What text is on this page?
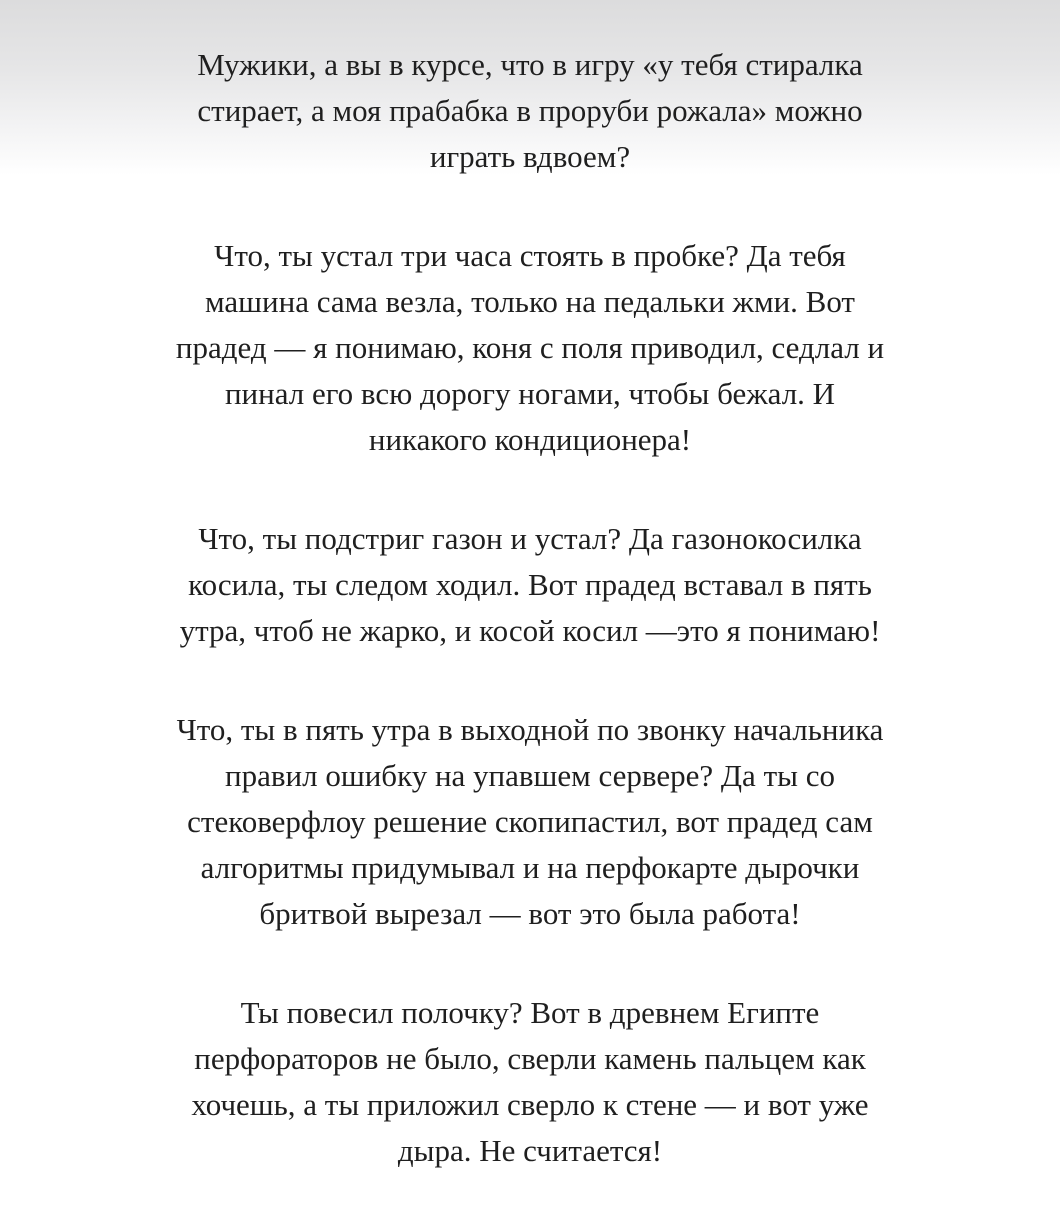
Мужики, а вы в курсе, что в игру «у тебя стиралка
стирает, а моя прабабка в проруби рожала» можно
играть вдвоем?

Что, ты устал три часа стоять в пробке? Да тебя
машина сама везла, только на педальки жми. Вот
прадед — я понимаю, коня с поля приводил, седлал и
пинал его всю дорогу ногами, чтобы бежал. И
никакого кондиционера!

Что, ты подстриг газон и устал? Да газонокосилка
косила, ты следом ходил. Вот прадед вставал в пять
утра, чтоб не жарко, и косой косил —это я понимаю!

Что, ты в пять утра в выходной по звонку начальника
правил ошибку на упавшем сервере? Да ты со
стековерфлоу решение скопипастил, вот прадед сам
алгоритмы придумывал и на перфокарте дырочки
бритвой вырезал — вот это была работа!

Ты повесил полочку? Вот в древнем Египте
перфораторов не было, сверли камень пальцем как
хочешь, а ты приложил сверло к стене — и вот уже
дыра. Не считается!
